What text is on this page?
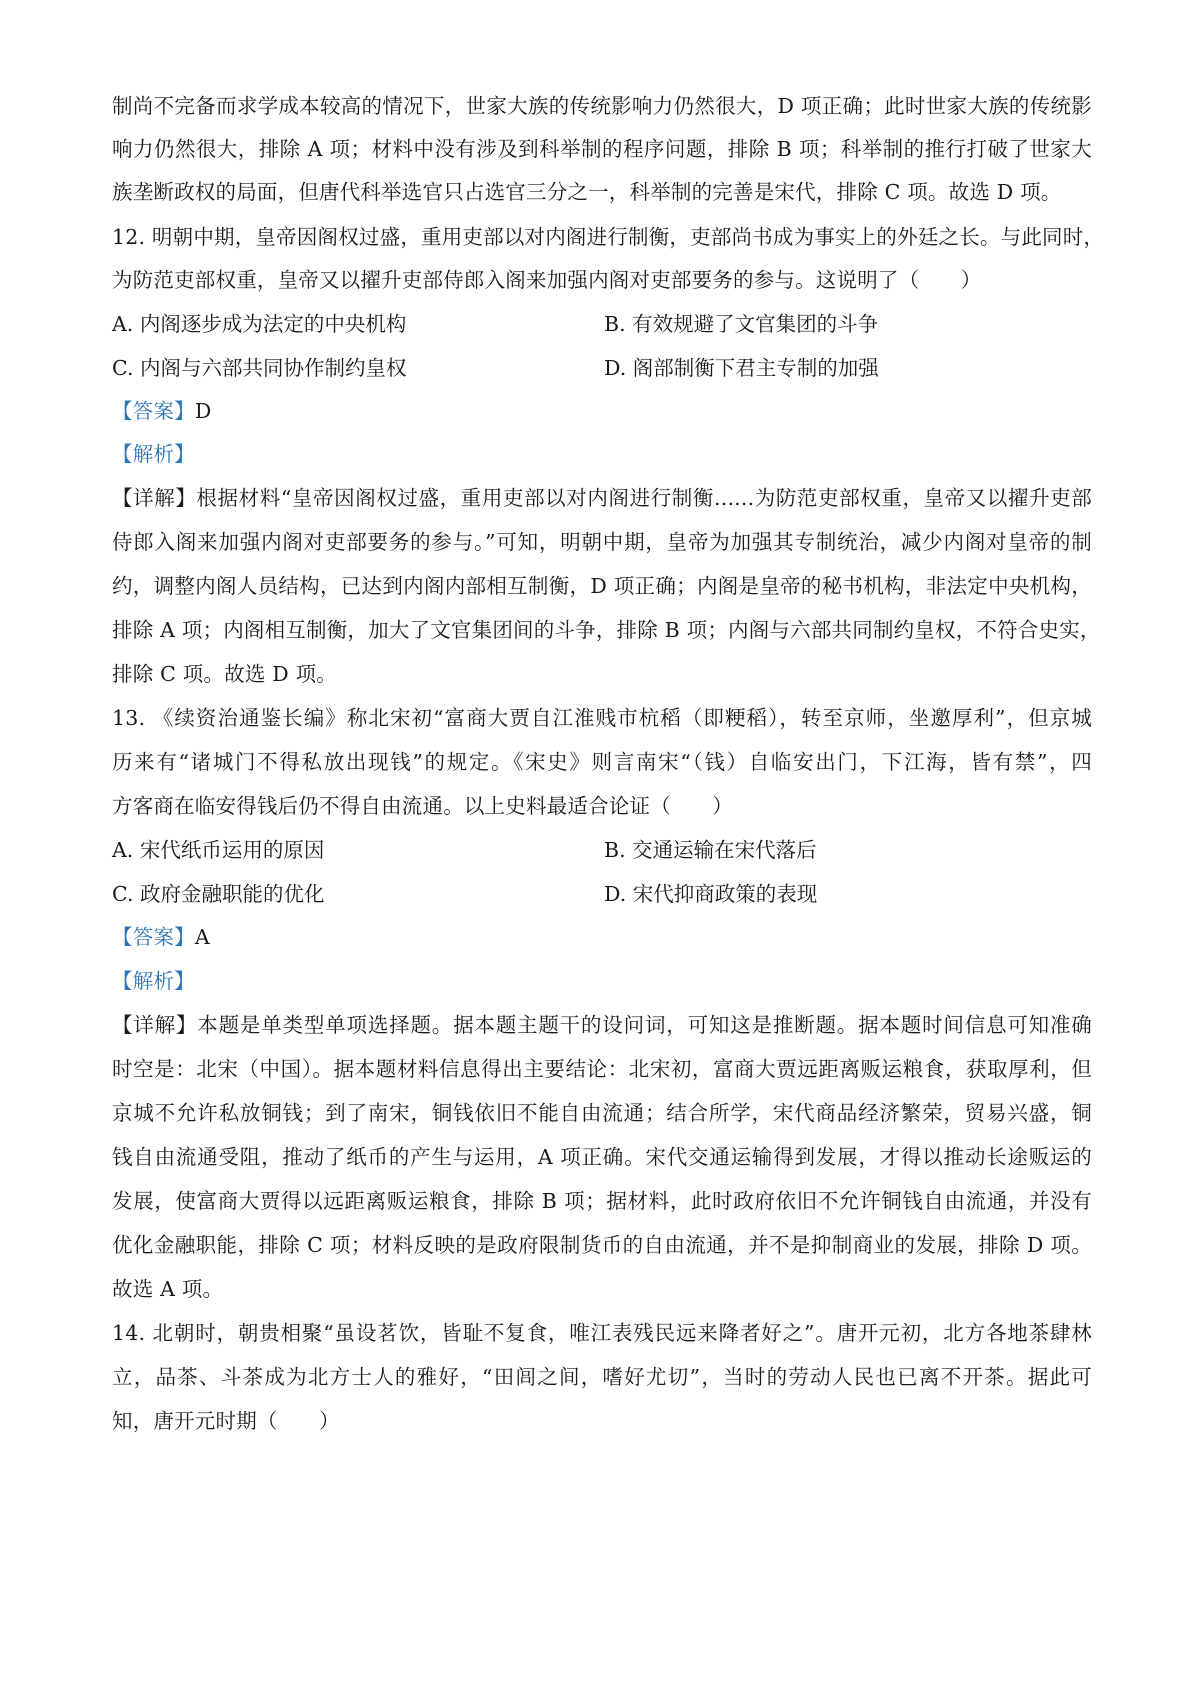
制尚不完备而求学成本较高的情况下，世家大族的传统影响力仍然很大，D 项正确；此时世家大族的传统影
响力仍然很大，排除 A 项；材料中没有涉及到科举制的程序问题，排除 B 项；科举制的推行打破了世家大
族垄断政权的局面，但唐代科举选官只占选官三分之一，科举制的完善是宋代，排除 C 项。故选 D 项。
12. 明朝中期，皇帝因阁权过盛，重用吏部以对内阁进行制衡，吏部尚书成为事实上的外廷之长。与此同时，
为防范吏部权重，皇帝又以擢升吏部侍郎入阁来加强内阁对吏部要务的参与。这说明了（　　）
A. 内阁逐步成为法定的中央机构	B. 有效规避了文官集团的斗争
C. 内阁与六部共同协作制约皇权	D. 阁部制衡下君主专制的加强
【答案】D
【解析】
【详解】根据材料“皇帝因阁权过盛，重用吏部以对内阁进行制衡......为防范吏部权重，皇帝又以擢升吏部
侍郎入阁来加强内阁对吏部要务的参与。”可知，明朝中期，皇帝为加强其专制统治，减少内阁对皇帝的制
约，调整内阁人员结构，已达到内阁内部相互制衡，D 项正确；内阁是皇帝的秘书机构，非法定中央机构，
排除 A 项；内阁相互制衡，加大了文官集团间的斗争，排除 B 项；内阁与六部共同制约皇权，不符合史实，
排除 C 项。故选 D 项。
13. 《续资治通鉴长编》称北宋初“富商大贾自江淮贱市杭稻（即粳稻），转至京师，坐邀厚利”，但京城
历来有“诸城门不得私放出现钱”的规定。《宋史》则言南宋“（钱）自临安出门，下江海，皆有禁”，四
方客商在临安得钱后仍不得自由流通。以上史料最适合论证（　　）
A. 宋代纸币运用的原因	B. 交通运输在宋代落后
C. 政府金融职能的优化	D. 宋代抑商政策的表现
【答案】A
【解析】
【详解】本题是单类型单项选择题。据本题主题干的设问词，可知这是推断题。据本题时间信息可知准确
时空是：北宋（中国）。据本题材料信息得出主要结论：北宋初，富商大贾远距离贩运粮食，获取厚利，但
京城不允许私放铜钱；到了南宋，铜钱依旧不能自由流通；结合所学，宋代商品经济繁荣，贸易兴盛，铜
钱自由流通受阻，推动了纸币的产生与运用，A 项正确。宋代交通运输得到发展，才得以推动长途贩运的
发展，使富商大贾得以远距离贩运粮食，排除 B 项；据材料，此时政府依旧不允许铜钱自由流通，并没有
优化金融职能，排除 C 项；材料反映的是政府限制货币的自由流通，并不是抑制商业的发展，排除 D 项。
故选 A 项。
14. 北朝时，朝贵相聚“虽设茗饮，皆耻不复食，唯江表残民远来降者好之”。唐开元初，北方各地茶肆林
立，品茶、斗茶成为北方士人的雅好，“田闾之间，嗜好尤切”，当时的劳动人民也已离不开茶。据此可
知，唐开元时期（　　）
